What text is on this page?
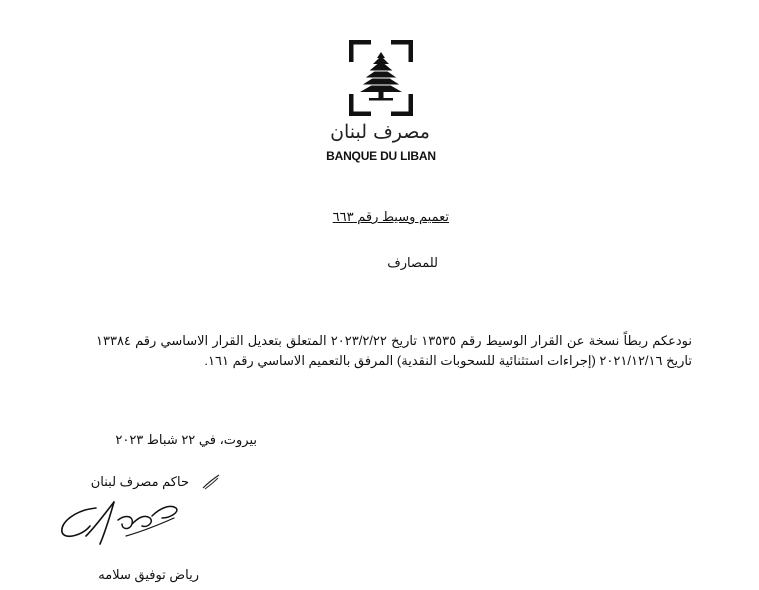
مصرف لبنان
BANQUE DU LIBAN
تعميم وسيط رقم ٦٦٣
للمصارف
نودعكم ربطاً نسخة عن القرار الوسيط رقم ١٣٥٣٥ تاريخ ٢٠٢٣/٢/٢٢ المتعلق بتعديل القرار الاساسي رقم ١٣٣٨٤ تاريخ ٢٠٢١/١٢/١٦ (إجراءات استثنائية للسحوبات النقدية) المرفق بالتعميم الاساسي رقم ١٦١.
بيروت، في ٢٢ شباط ٢٠٢٣
حاكم مصرف لبنان
رياض توفيق سلامه
